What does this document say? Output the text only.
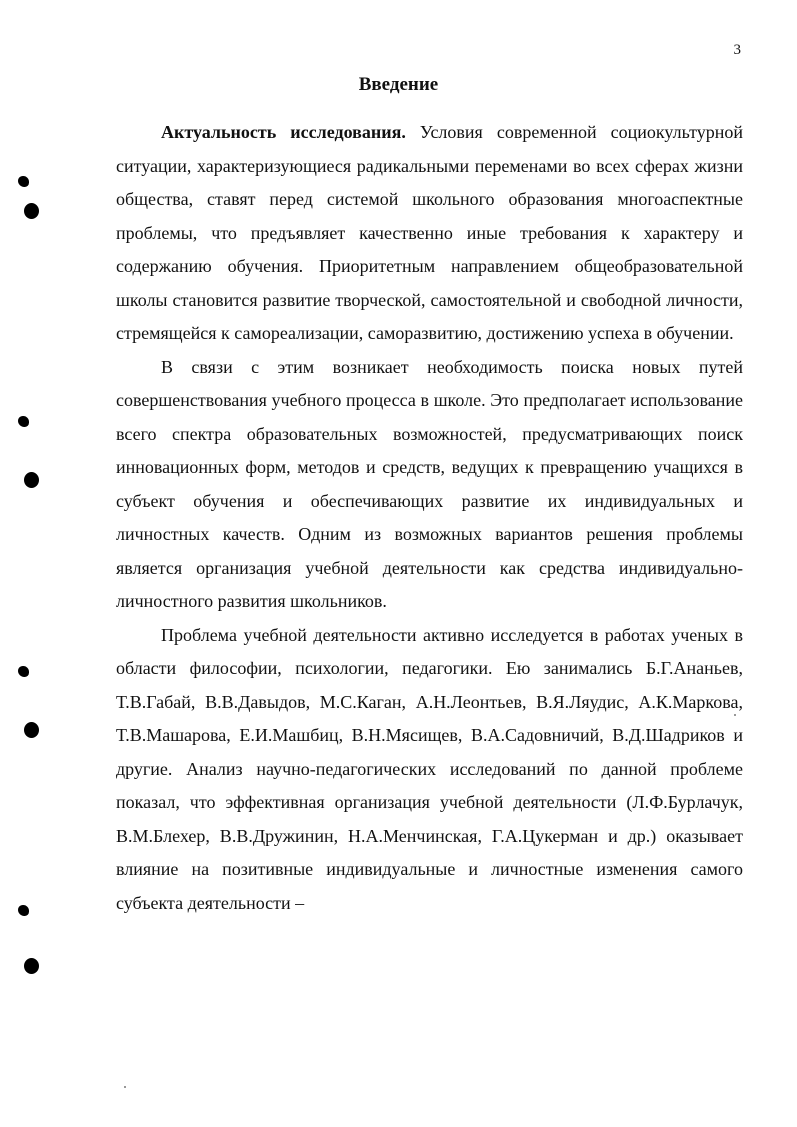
3
Введение

Актуальность исследования. Условия современной социокультурной ситуации, характеризующиеся радикальными переменами во всех сферах жизни общества, ставят перед системой школьного образования многоаспектные проблемы, что предъявляет качественно иные требования к характеру и содержанию обучения. Приоритетным направлением общеобразовательной школы становится развитие творческой, самостоятельной и свободной личности, стремящейся к самореализации, саморазвитию, достижению успеха в обучении.

В связи с этим возникает необходимость поиска новых путей совершенствования учебного процесса в школе. Это предполагает использование всего спектра образовательных возможностей, предусматривающих поиск инновационных форм, методов и средств, ведущих к превращению учащихся в субъект обучения и обеспечивающих развитие их индивидуальных и личностных качеств. Одним из возможных вариантов решения проблемы является организация учебной деятельности как средства индивидуально-личностного развития школьников.

Проблема учебной деятельности активно исследуется в работах ученых в области философии, психологии, педагогики. Ею занимались Б.Г.Ананьев, Т.В.Габай, В.В.Давыдов, М.С.Каган, А.Н.Леонтьев, В.Я.Ляудис, А.К.Маркова, Т.В.Машарова, Е.И.Машбиц, В.Н.Мясищев, В.А.Садовничий, В.Д.Шадриков и другие. Анализ научно-педагогических исследований по данной проблеме показал, что эффективная организация учебной деятельности (Л.Ф.Бурлачук, В.М.Блехер, В.В.Дружинин, Н.А.Менчинская, Г.А.Цукерман и др.) оказывает влияние на позитивные индивидуальные и личностные изменения самого субъекта деятельности –
